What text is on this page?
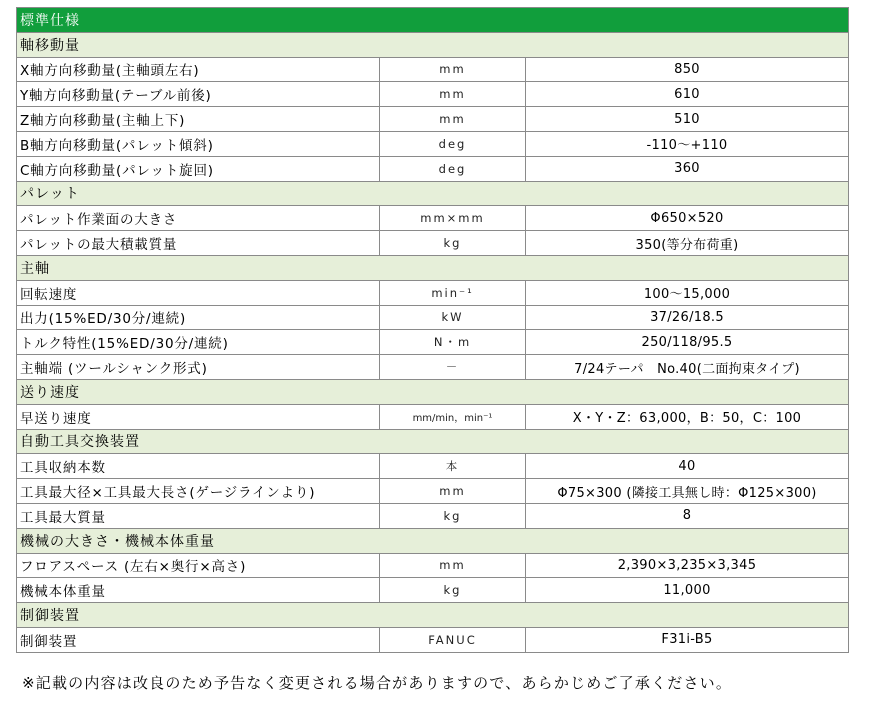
標準仕様		
軸移動量		
X軸方向移動量(主軸頭左右)	mm	850
Y軸方向移動量(テーブル前後)	mm	610
Z軸方向移動量(主軸上下)	mm	510
B軸方向移動量(パレット傾斜)	deg	-110～+110
C軸方向移動量(パレット旋回)	deg	360
パレット		
パレット作業面の大きさ	mm×mm	Φ650×520
パレットの最大積載質量	kg	350(等分布荷重)
主軸		
回転速度	min⁻¹	100～15,000
出力(15%ED/30分/連続)	kW	37/26/18.5
トルク特性(15%ED/30分/連続)	N・m	250/118/95.5
主軸端 (ツールシャンク形式)	－	7/24テーパ　No.40(二面拘束タイプ)
送り速度		
早送り速度	mm/min，min⁻¹	X・Y・Z：63,000，B：50，C：100
自動工具交換装置		
工具収納本数	本	40
工具最大径×工具最大長さ(ゲージラインより)	mm	Φ75×300 (隣接工具無し時：Φ125×300)
工具最大質量	kg	8
機械の大きさ・機械本体重量		
フロアスペース (左右×奥行×高さ)	mm	2,390×3,235×3,345
機械本体重量	kg	11,000
制御装置		
制御装置	FANUC	F31i-B5
※記載の内容は改良のため予告なく変更される場合がありますので、あらかじめご了承ください。
